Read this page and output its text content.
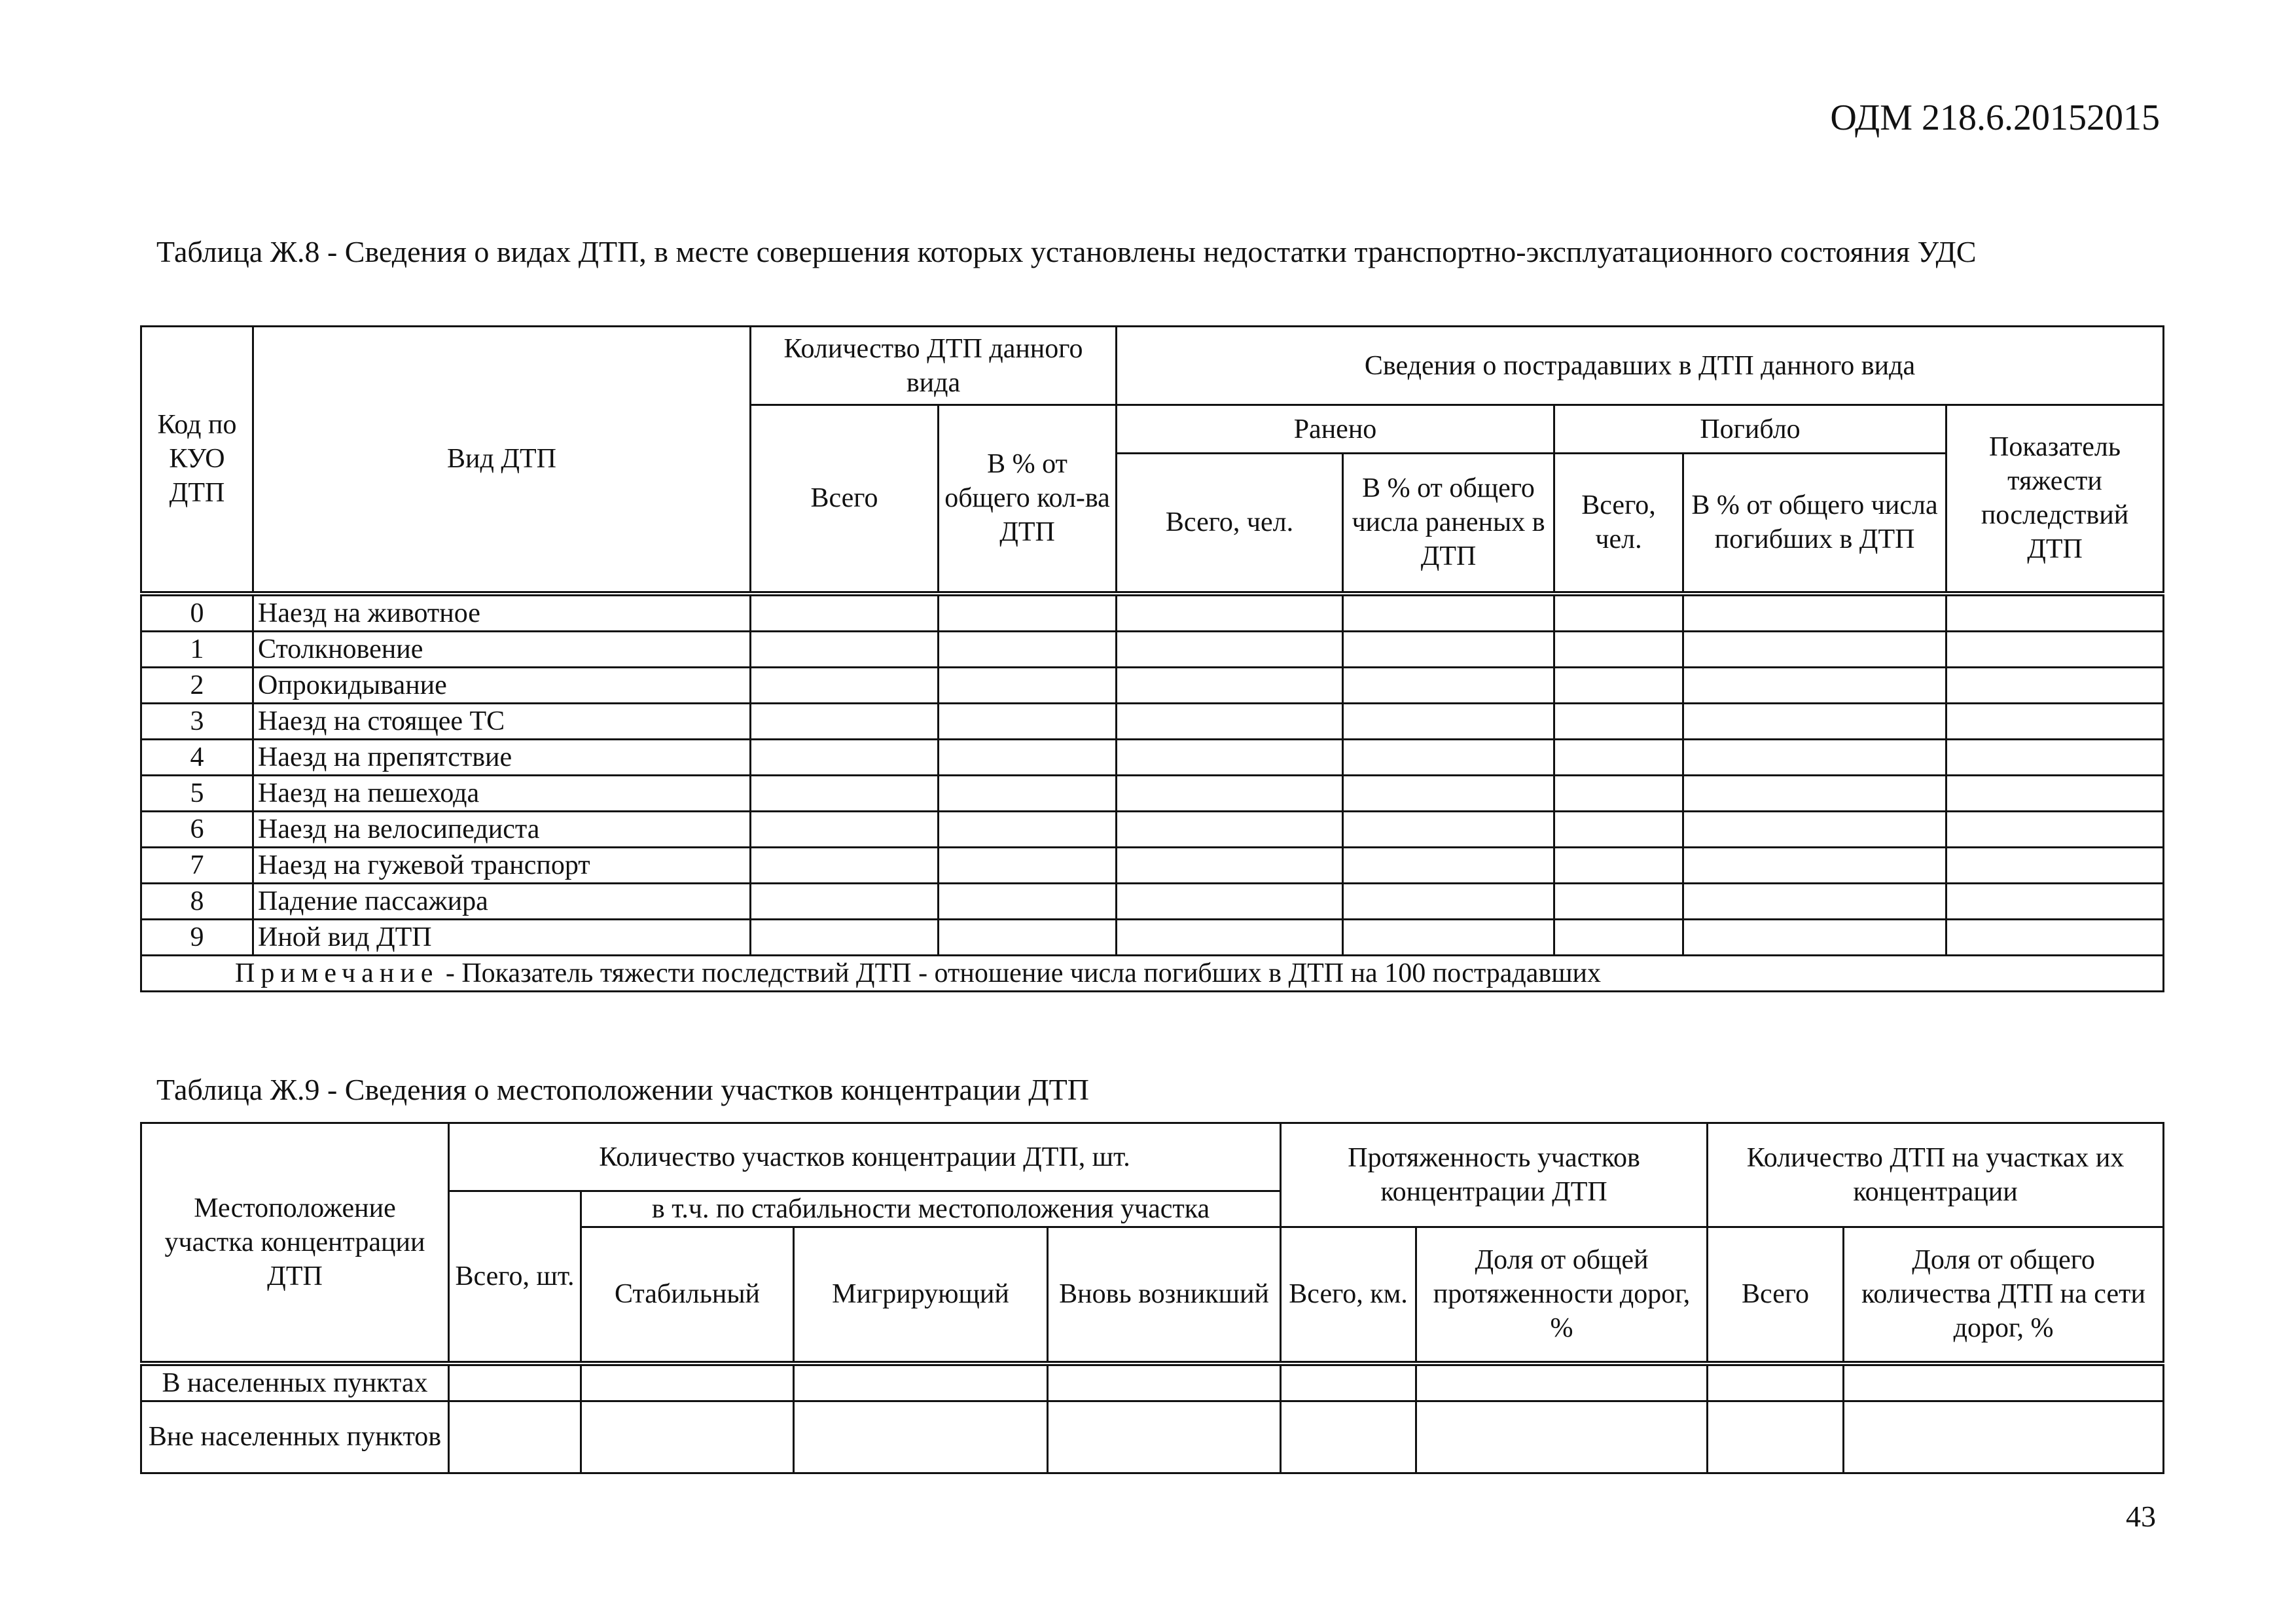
ОДМ 218.6.20152015
Таблица Ж.8 - Сведения о видах ДТП, в месте совершения которых установлены недостатки транспортно-эксплуатационного состояния УДС
Код по КУО ДТП	Вид ДТП	Количество ДТП данного вида		Сведения о пострадавших в ДТП данного вида				
		Всего	В % от общего кол-ва ДТП	Ранено		Погибло		Показатель тяжести последствий ДТП
				Всего, чел.	В % от общего числа раненых в ДТП	Всего, чел.	В % от общего числа погибших в ДТП	
0	Наезд на животное							
1	Столкновение							
2	Опрокидывание							
3	Наезд на стоящее ТС							
4	Наезд на препятствие							
5	Наезд на пешехода							
6	Наезд на велосипедиста							
7	Наезд на гужевой транспорт							
8	Падение пассажира							
9	Иной вид ДТП							
Примечание - Показатель тяжести последствий ДТП - отношение числа погибших в ДТП на 100 пострадавших								
Таблица Ж.9 - Сведения о местоположении участков концентрации ДТП
Местоположение участка концентрации ДТП	Количество участков концентрации ДТП, шт.				Протяженность участков концентрации ДТП		Количество ДТП на участках их концентрации	
	Всего, шт.	в т.ч. по стабильности местоположения участка						
		Стабильный	Мигрирующий	Вновь возникший	Всего, км.	Доля от общей протяженности дорог, %	Всего	Доля от общего количества ДТП на сети дорог, %
В населенных пунктах								
Вне населенных пунктов								
43
